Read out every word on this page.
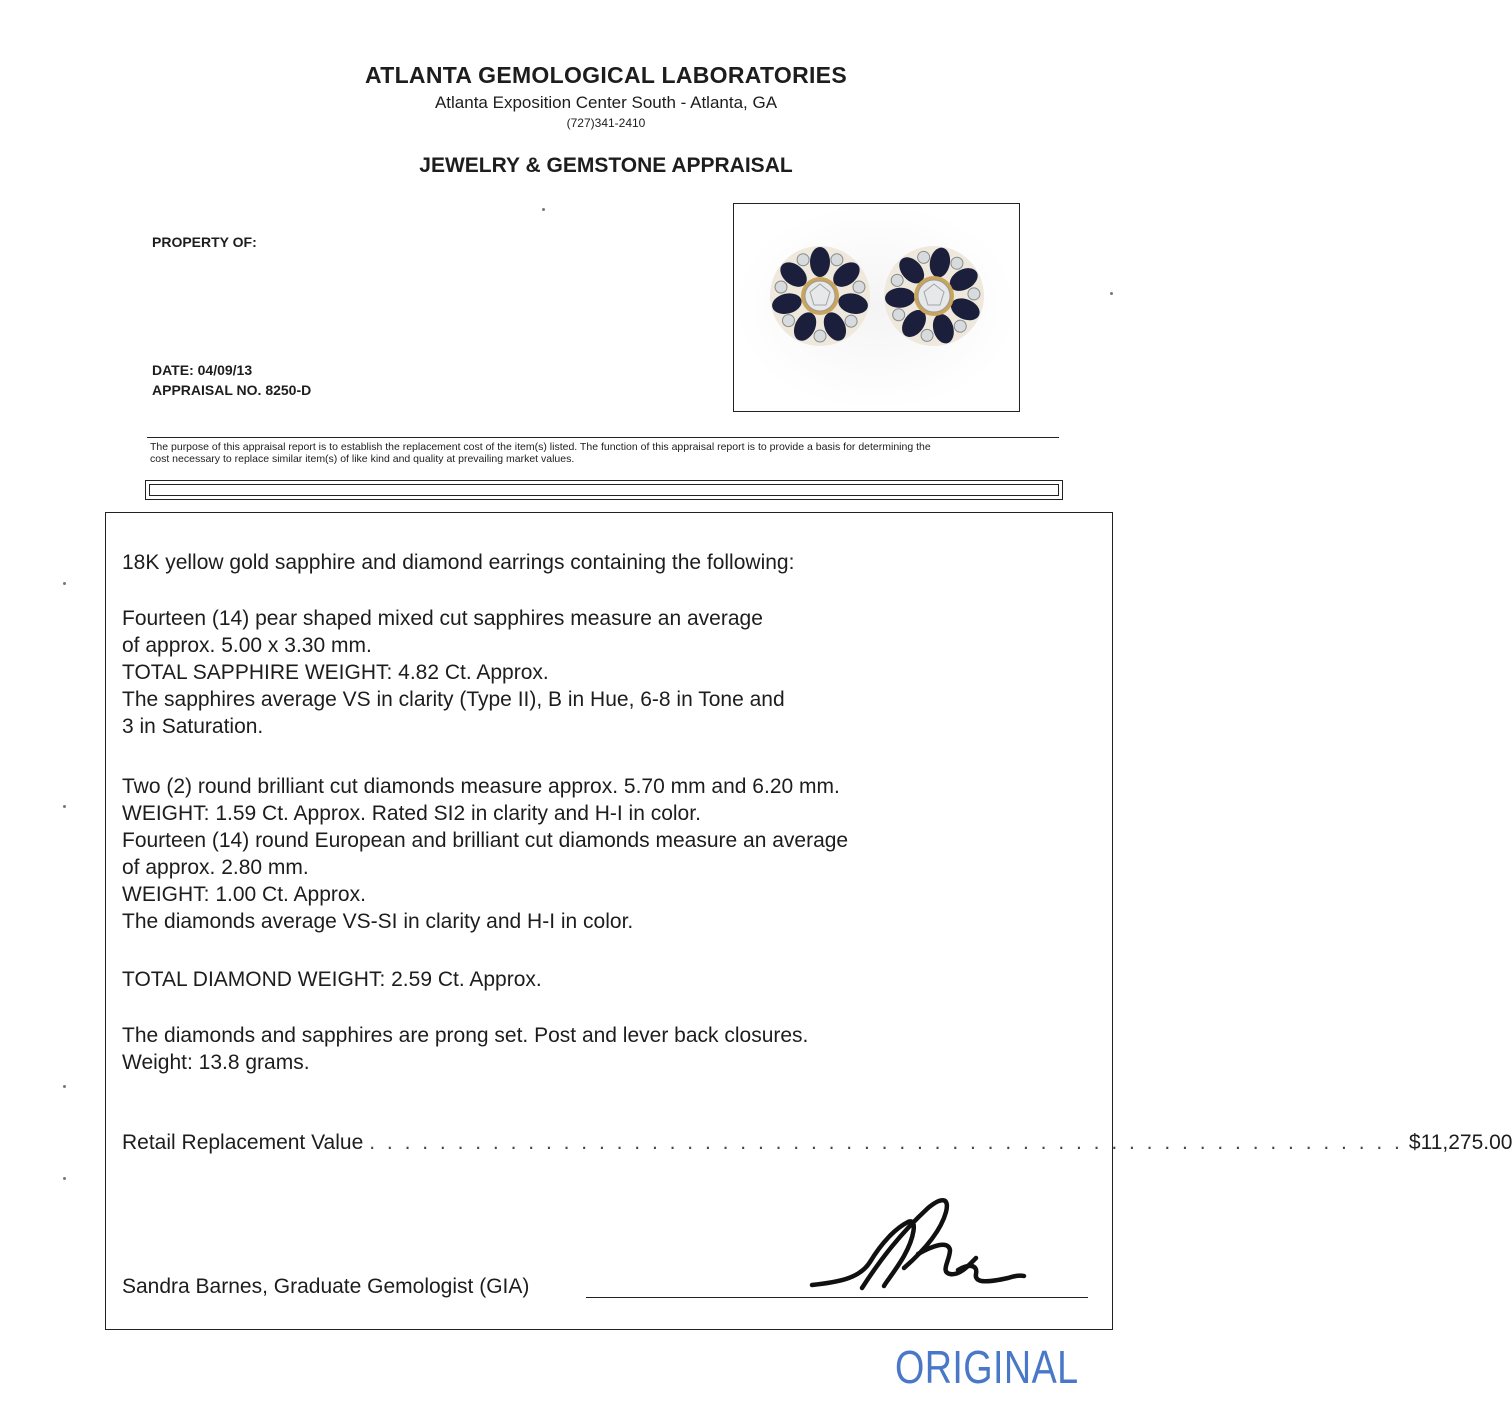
ATLANTA GEMOLOGICAL LABORATORIES
Atlanta Exposition Center South - Atlanta, GA
(727)341-2410
JEWELRY & GEMSTONE APPRAISAL
PROPERTY OF:
DATE: 04/09/13
APPRAISAL NO. 8250-D
The purpose of this appraisal report is to establish the replacement cost of the item(s) listed. The function of this appraisal report is to provide a basis for determining the
cost necessary to replace similar item(s) of like kind and quality at prevailing market values.
18K yellow gold sapphire and diamond earrings containing the following:
Fourteen (14) pear shaped mixed cut sapphires measure an average
of approx. 5.00 x 3.30 mm.
TOTAL SAPPHIRE WEIGHT: 4.82 Ct. Approx.
The sapphires average VS in clarity (Type II), B in Hue, 6-8 in Tone and
3 in Saturation.
Two (2) round brilliant cut diamonds measure approx. 5.70 mm and 6.20 mm.
WEIGHT: 1.59 Ct. Approx. Rated SI2 in clarity and H-I in color.
Fourteen (14) round European and brilliant cut diamonds measure an average
of approx. 2.80 mm.
WEIGHT: 1.00 Ct. Approx.
The diamonds average VS-SI in clarity and H-I in color.
TOTAL DIAMOND WEIGHT: 2.59 Ct. Approx.
The diamonds and sapphires are prong set. Post and lever back closures.
Weight: 13.8 grams.
Retail Replacement Value . . . . . . . . . . . . . . . . . . . . . . . . . . . . . . . . . . . . . . . . . . . . . . . . . . . . . . . . . . . $11,275.00
Sandra Barnes, Graduate Gemologist (GIA)
ORIGINAL
